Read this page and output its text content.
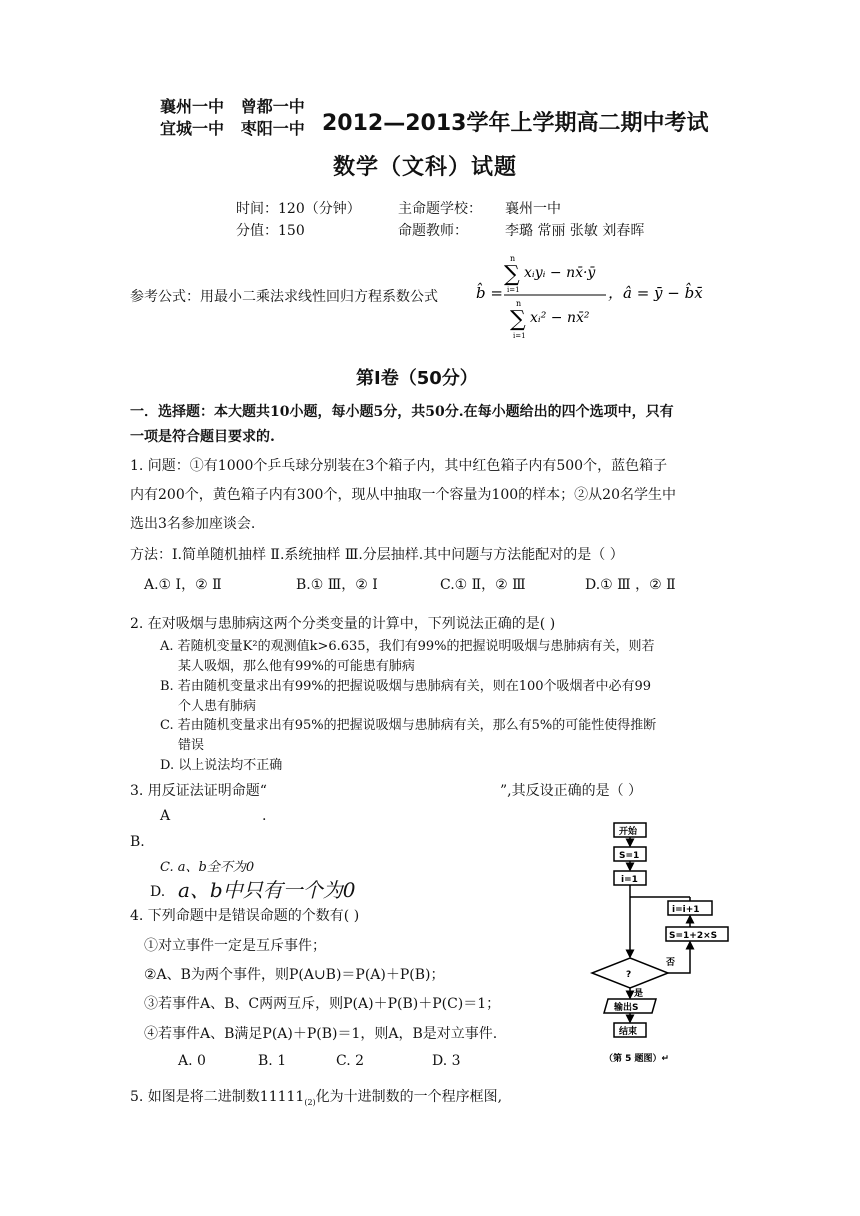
襄州一中 曾都一中
宜城一中 枣阳一中 2012—2013学年上学期高二期中考试
数学（文科）试题
时间：120（分钟）	主命题学校： 襄州一中
分值：150	命题教师：	李璐 常丽 张敏 刘春晖
参考公式：用最小二乘法求线性回归方程系数公式	b̂ =
n
∑
i=1
xᵢyᵢ − nx̄·ȳ
n
∑
i=1
xᵢ² − nx̄²
，â = ȳ − b̂x̄
第Ⅰ卷（50分）
一．选择题：本大题共10小题，每小题5分，共50分.在每小题给出的四个选项中，只有
一项是符合题目要求的.
1. 问题：①有1000个乒乓球分别装在3个箱子内，其中红色箱子内有500个，蓝色箱子
内有200个，黄色箱子内有300个，现从中抽取一个容量为100的样本；②从20名学生中
选出3名参加座谈会.
方法：Ⅰ.简单随机抽样 Ⅱ.系统抽样 Ⅲ.分层抽样.其中问题与方法能配对的是（ ）
A.① Ⅰ，② Ⅱ	B.① Ⅲ，② Ⅰ	C.① Ⅱ，② Ⅲ	D.① Ⅲ ，② Ⅱ
2. 在对吸烟与患肺病这两个分类变量的计算中，下列说法正确的是( )
A. 若随机变量K²的观测值k>6.635，我们有99%的把握说明吸烟与患肺病有关，则若
某人吸烟，那么他有99%的可能患有肺病
B. 若由随机变量求出有99%的把握说吸烟与患肺病有关，则在100个吸烟者中必有99
个人患有肺病
C. 若由随机变量求出有95%的把握说吸烟与患肺病有关，那么有5%的可能性使得推断
错误
D. 以上说法均不正确
3. 用反证法证明命题“	”,其反设正确的是（ ）
A	.
B.
C. a、b全不为0
D. a、b中只有一个为0
4. 下列命题中是错误命题的个数有( )
①对立事件一定是互斥事件；
②A、B为两个事件，则P(A∪B)＝P(A)＋P(B)；
③若事件A、B、C两两互斥，则P(A)＋P(B)＋P(C)＝1；
④若事件A、B满足P(A)＋P(B)＝1，则A，B是对立事件.
A. 0	B. 1	C. 2	D. 3
5. 如图是将二进制数$11111_{(2)}$化为十进制数的一个程序框图,
开始
S=1
i=1
i=i+1
S=1+2×S
否
?
是
输出S
结束
（第 5 题图）↵
